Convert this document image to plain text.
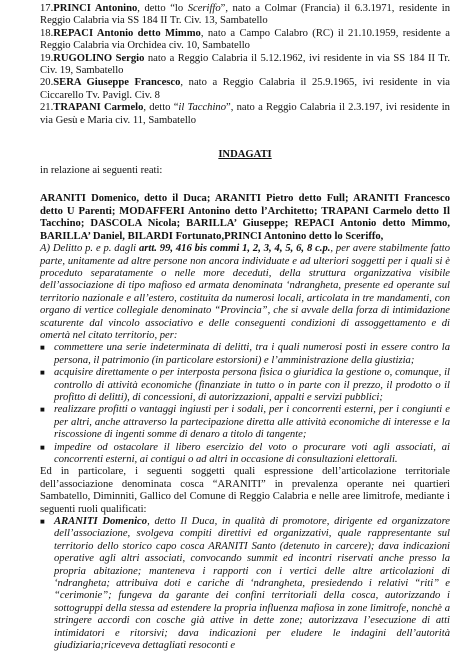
17.PRINCI Antonino, detto “lo Sceriffo”, nato a Colmar (Francia) il 6.3.1971, residente in Reggio Calabria via SS 184 II Tr. Civ. 13, Sambatello
18.REPACI Antonio detto Mimmo, nato a Campo Calabro (RC) il 21.10.1959, residente a Reggio Calabria via Orchidea civ. 10, Sambatello
19.RUGOLINO Sergio nato a Reggio Calabria il 5.12.1962, ivi residente in via SS 184 II Tr. Civ. 19, Sambatello
20.SERA Giuseppe Francesco, nato a Reggio Calabria il 25.9.1965, ivi residente in via Ciccarello Tv. Pavigl. Civ. 8
21.TRAPANI Carmelo, detto “il Tacchino”, nato a Reggio Calabria il 2.3.197, ivi residente in via Gesù e Maria civ. 11, Sambatello
INDAGATI
in relazione ai seguenti reati:
ARANITI Domenico, detto il Duca; ARANITI Pietro detto Full; ARANITI Francesco detto U Parenti; MODAFFERI Antonino detto l’Architetto; TRAPANI Carmelo detto Il Tacchino; DASCOLA Nicola; BARILLA’ Giuseppe; REPACI Antonio detto Mimmo, BARILLA’ Daniel, BILARDI Fortunato,PRINCI Antonino detto lo Sceriffo,
A) Delitto p. e p. dagli artt. 99, 416 bis commi 1, 2, 3, 4, 5, 6, 8 c.p., per avere stabilmente fatto parte, unitamente ad altre persone non ancora individuate e ad ulteriori soggetti per i quali si è proceduto separatamente o nelle more deceduti, della struttura organizzativa visibile dell’associazione di tipo mafioso ed armata denominata ‘ndrangheta, presente ed operante sul territorio nazionale e all’estero, costituita da numerosi locali, articolata in tre mandamenti, con organo di vertice collegiale denominato “Provincia”, che si avvale della forza di intimidazione scaturente dal vincolo associativo e delle conseguenti condizioni di assoggettamento e di omertà nel citato territorio, per:
■ commettere una serie indeterminata di delitti, tra i quali numerosi posti in essere contro la persona, il patrimonio (in particolare estorsioni) e l’amministrazione della giustizia;
■ acquisire direttamente o per interposta persona fisica o giuridica la gestione o, comunque, il controllo di attività economiche (finanziate in tutto o in parte con il prezzo, il prodotto o il profitto di delitti), di concessioni, di autorizzazioni, appalti e servizi pubblici;
■ realizzare profitti o vantaggi ingiusti per i sodali, per i concorrenti esterni, per i congiunti e per altri, anche attraverso la partecipazione diretta alle attività economiche di interesse e la riscossione di ingenti somme di denaro a titolo di tangente;
■ impedire od ostacolare il libero esercizio del voto o procurare voti agli associati, ai concorrenti esterni, ai contigui o ad altri in occasione di consultazioni elettorali.
Ed in particolare, i seguenti soggetti quali espressione dell’articolazione territoriale dell’associazione denominata cosca “ARANITI” in prevalenza operante nei quartieri Sambatello, Diminniti, Gallico del Comune di Reggio Calabria e nelle aree limitrofe, mediante i seguenti ruoli qualificati:
■ ARANITI Domenico, detto Il Duca, in qualità di promotore, dirigente ed organizzatore dell’associazione, svolgeva compiti direttivi ed organizzativi, quale rappresentante sul territorio dello storico capo cosca ARANITI Santo (detenuto in carcere); dava indicazioni operative agli altri associati, convocando summit ed incontri riservati anche presso la propria abitazione; manteneva i rapporti con i vertici delle altre articolazioni di ‘ndrangheta; attribuiva doti e cariche di ‘ndrangheta, presiedendo i relativi “riti” e “cerimonie”; fungeva da garante dei confini territoriali della cosca, autorizzando i sottogruppi della stessa ad estendere la propria influenza mafiosa in zone limitrofe, nonchè a stringere accordi con cosche già attive in dette zone; autorizzava l’esecuzione di atti intimidatori e ritorsivi; dava indicazioni per eludere le indagini dell’autorità giudiziaria;riceveva dettagliati resoconti e
